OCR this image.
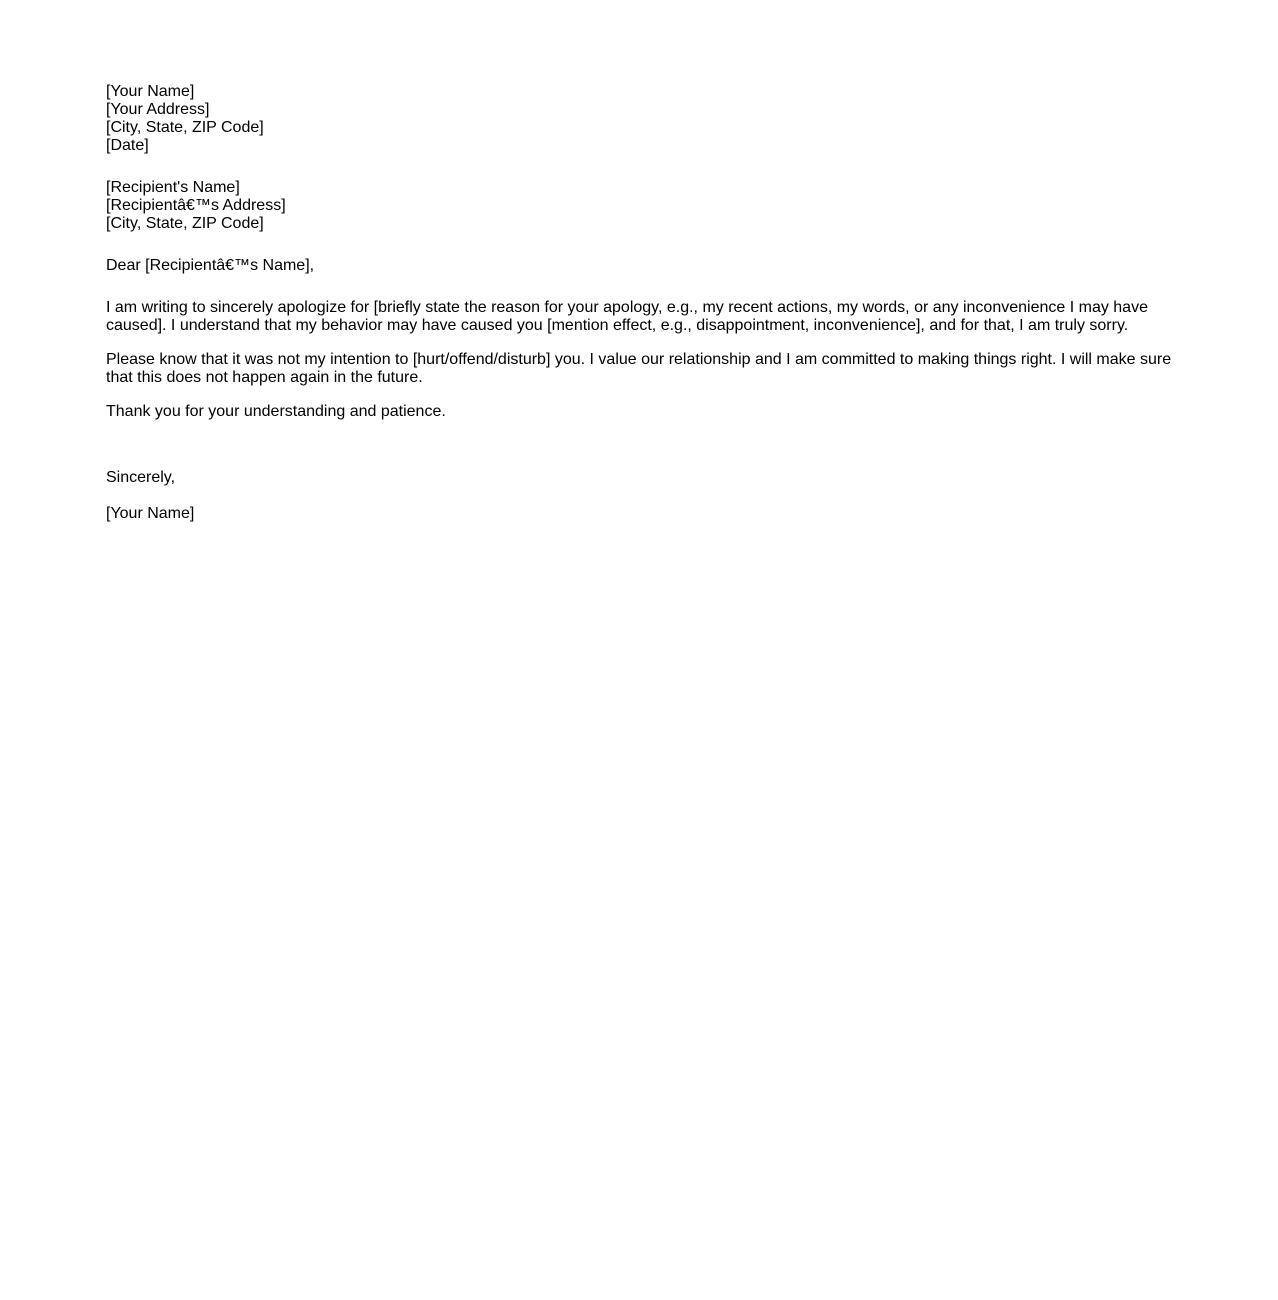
[Your Name]
[Your Address]
[City, State, ZIP Code]
[Date]
[Recipient's Name]
[Recipientâ€™s Address]
[City, State, ZIP Code]

Dear [Recipientâ€™s Name],

I am writing to sincerely apologize for [briefly state the reason for your apology, e.g., my recent actions, my words, or any inconvenience I may have caused]. I understand that my behavior may have caused you [mention effect, e.g., disappointment, inconvenience], and for that, I am truly sorry.

Please know that it was not my intention to [hurt/offend/disturb] you. I value our relationship and I am committed to making things right. I will make sure that this does not happen again in the future.

Thank you for your understanding and patience.

Sincerely,

[Your Name]
